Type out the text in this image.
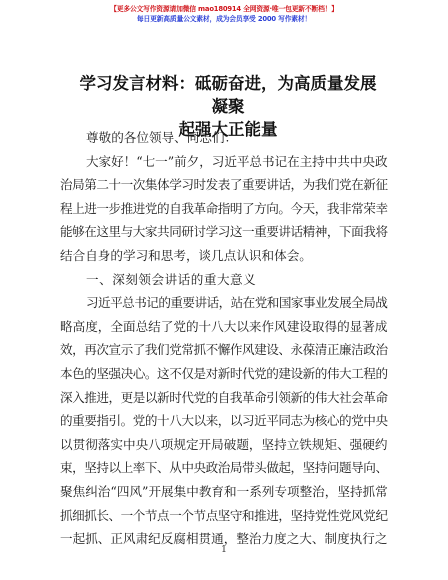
【更多公文写作资源请加微信 mao180914 全网资源·唯一包更新不断档！】
每日更新高质量公文素材，成为会员享受 2000 写作素材！
学习发言材料：砥砺奋进，为高质量发展凝聚
起强大正能量
尊敬的各位领导、同志们：
大家好！“七一”前夕，习近平总书记在主持中共中央政
治局第二十一次集体学习时发表了重要讲话，为我们党在新征
程上进一步推进党的自我革命指明了方向。今天，我非常荣幸
能够在这里与大家共同研讨学习这一重要讲话精神，下面我将
结合自身的学习和思考，谈几点认识和体会。
一、深刻领会讲话的重大意义
习近平总书记的重要讲话，站在党和国家事业发展全局战
略高度，全面总结了党的十八大以来作风建设取得的显著成
效，再次宣示了我们党常抓不懈作风建设、永葆清正廉洁政治
本色的坚强决心。这不仅是对新时代党的建设新的伟大工程的
深入推进，更是以新时代党的自我革命引领新的伟大社会革命
的重要指引。党的十八大以来，以习近平同志为核心的党中央
以贯彻落实中央八项规定开局破题，坚持立铁规矩、强硬约
束，坚持以上率下、从中央政治局带头做起，坚持问题导向、
聚焦纠治“四风”开展集中教育和一系列专项整治，坚持抓常
抓细抓长、一个节点一个节点坚守和推进，坚持党性党风党纪
一起抓、正风肃纪反腐相贯通，整治力度之大、制度执行之
1
